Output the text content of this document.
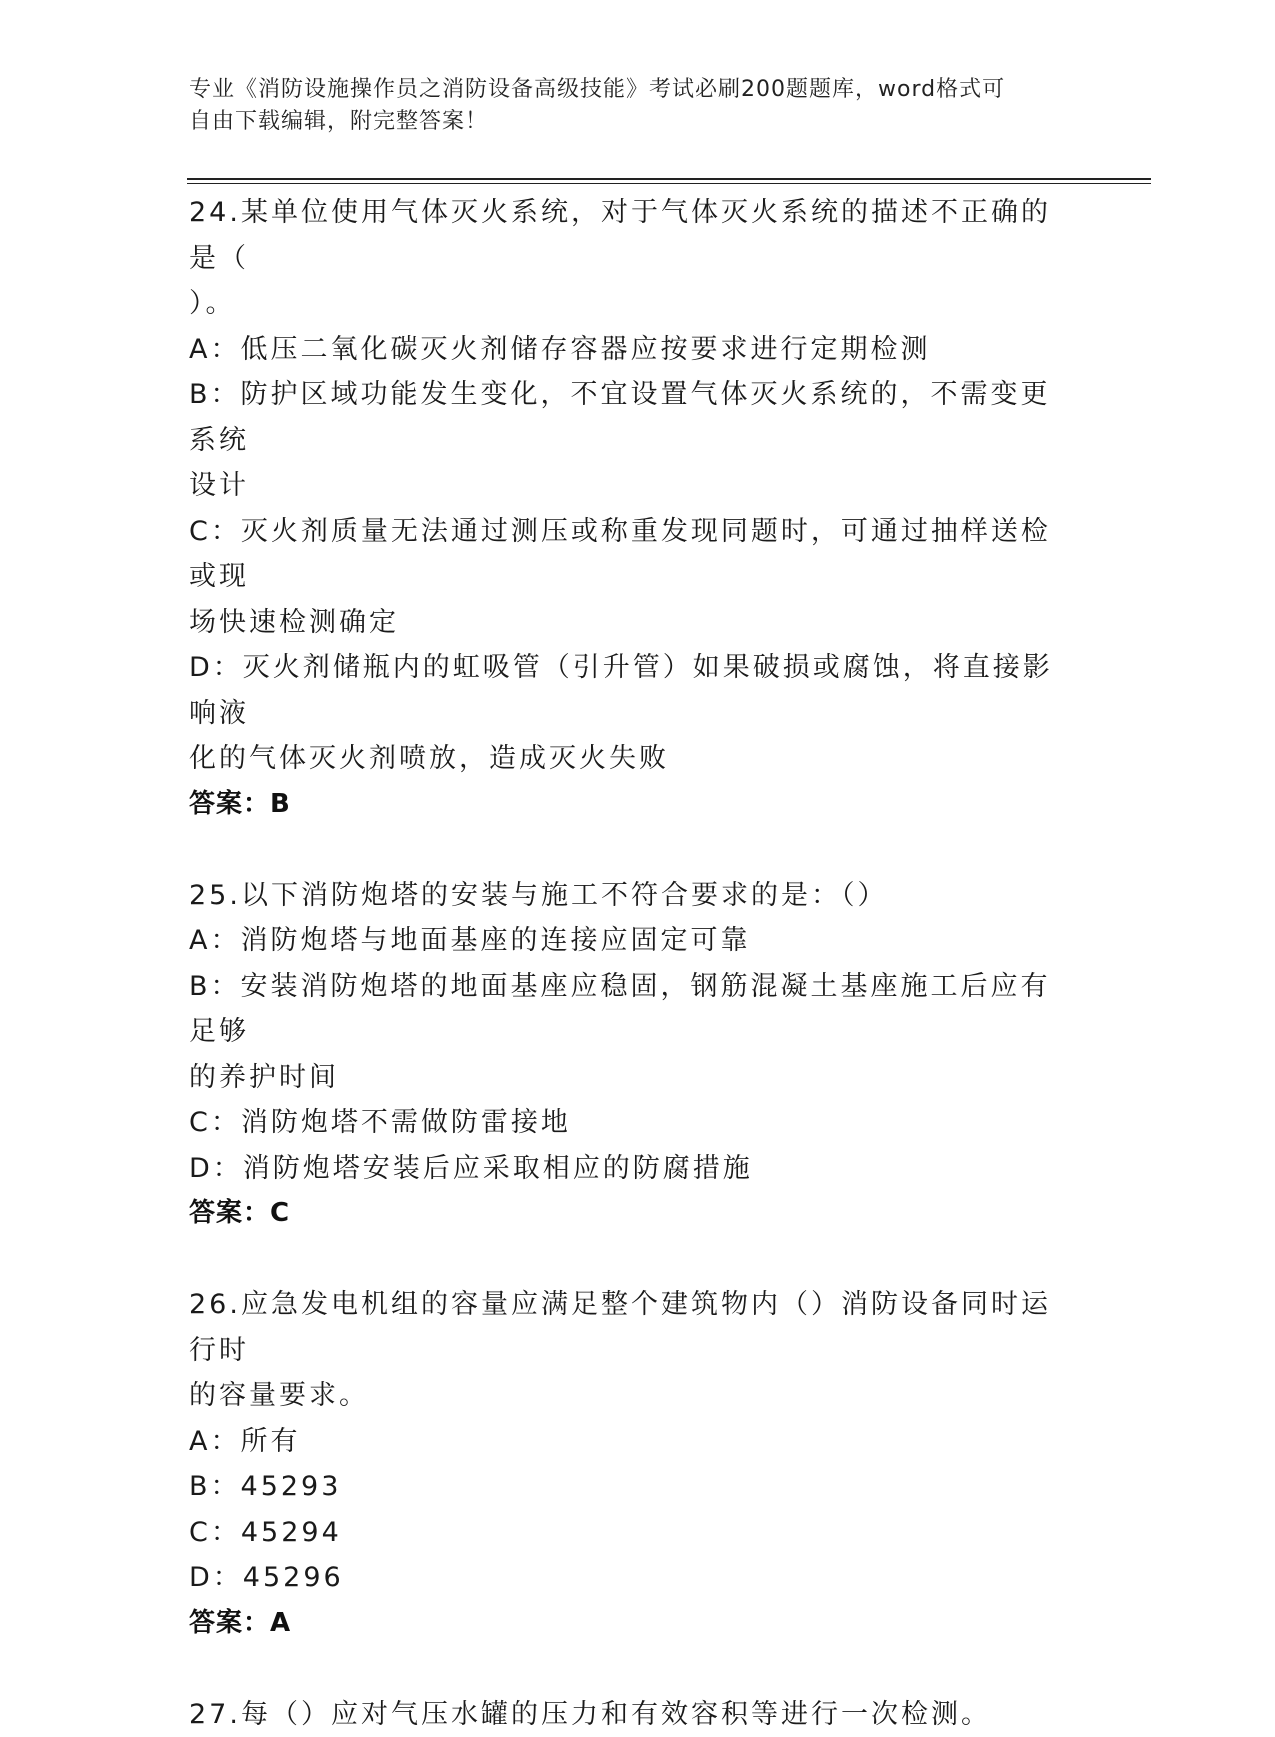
专业《消防设施操作员之消防设备高级技能》考试必刷200题题库，word格式可
自由下载编辑，附完整答案！
24.某单位使用气体灭火系统，对于气体灭火系统的描述不正确的是（
）。
A：低压二氧化碳灭火剂储存容器应按要求进行定期检测
B：防护区域功能发生变化，不宜设置气体灭火系统的，不需变更系统
设计
C：灭火剂质量无法通过测压或称重发现同题时，可通过抽样送检或现
场快速检测确定
D：灭火剂储瓶内的虹吸管（引升管）如果破损或腐蚀，将直接影响液
化的气体灭火剂喷放，造成灭火失败
答案：B
25.以下消防炮塔的安装与施工不符合要求的是：（）
A：消防炮塔与地面基座的连接应固定可靠
B：安装消防炮塔的地面基座应稳固，钢筋混凝土基座施工后应有足够
的养护时间
C：消防炮塔不需做防雷接地
D：消防炮塔安装后应采取相应的防腐措施
答案：C
26.应急发电机组的容量应满足整个建筑物内（）消防设备同时运行时
的容量要求。
A：所有
B：45293
C：45294
D：45296
答案：A
27.每（）应对气压水罐的压力和有效容积等进行一次检测。
